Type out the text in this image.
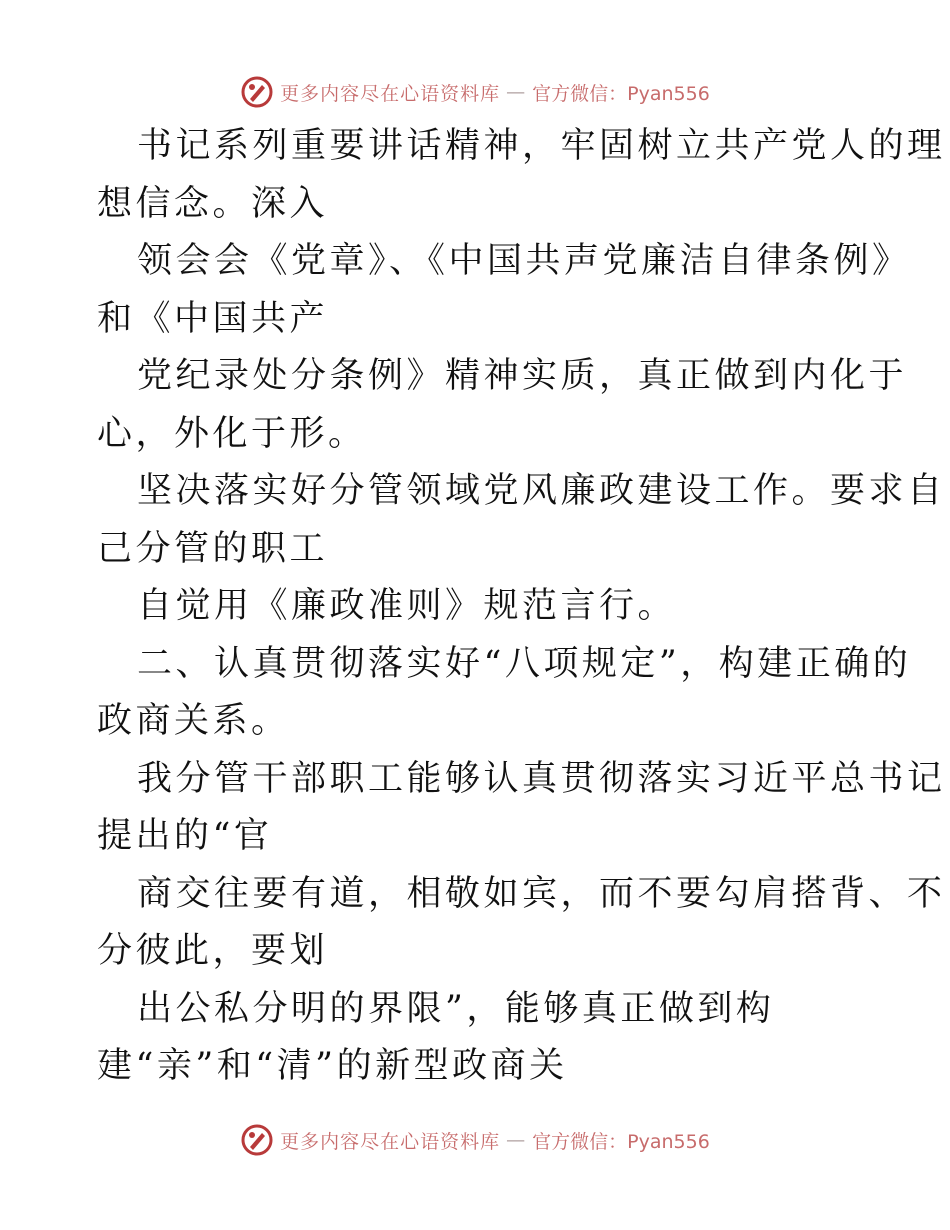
更多内容尽在心语资料库 — 官方微信：Pyan556
书记系列重要讲话精神，牢固树立共产党人的理
想信念。深入
领会会《党章》、《中国共声党廉洁自律条例》
和《中国共产
党纪录处分条例》精神实质，真正做到内化于
心，外化于形。
坚决落实好分管领域党风廉政建设工作。要求自
己分管的职工
自觉用《廉政准则》规范言行。
二、认真贯彻落实好“八项规定”，构建正确的
政商关系。
我分管干部职工能够认真贯彻落实习近平总书记
提出的“官
商交往要有道，相敬如宾，而不要勾肩搭背、不
分彼此，要划
出公私分明的界限”，能够真正做到构
建“亲”和“清”的新型政商关
更多内容尽在心语资料库 — 官方微信：Pyan556
